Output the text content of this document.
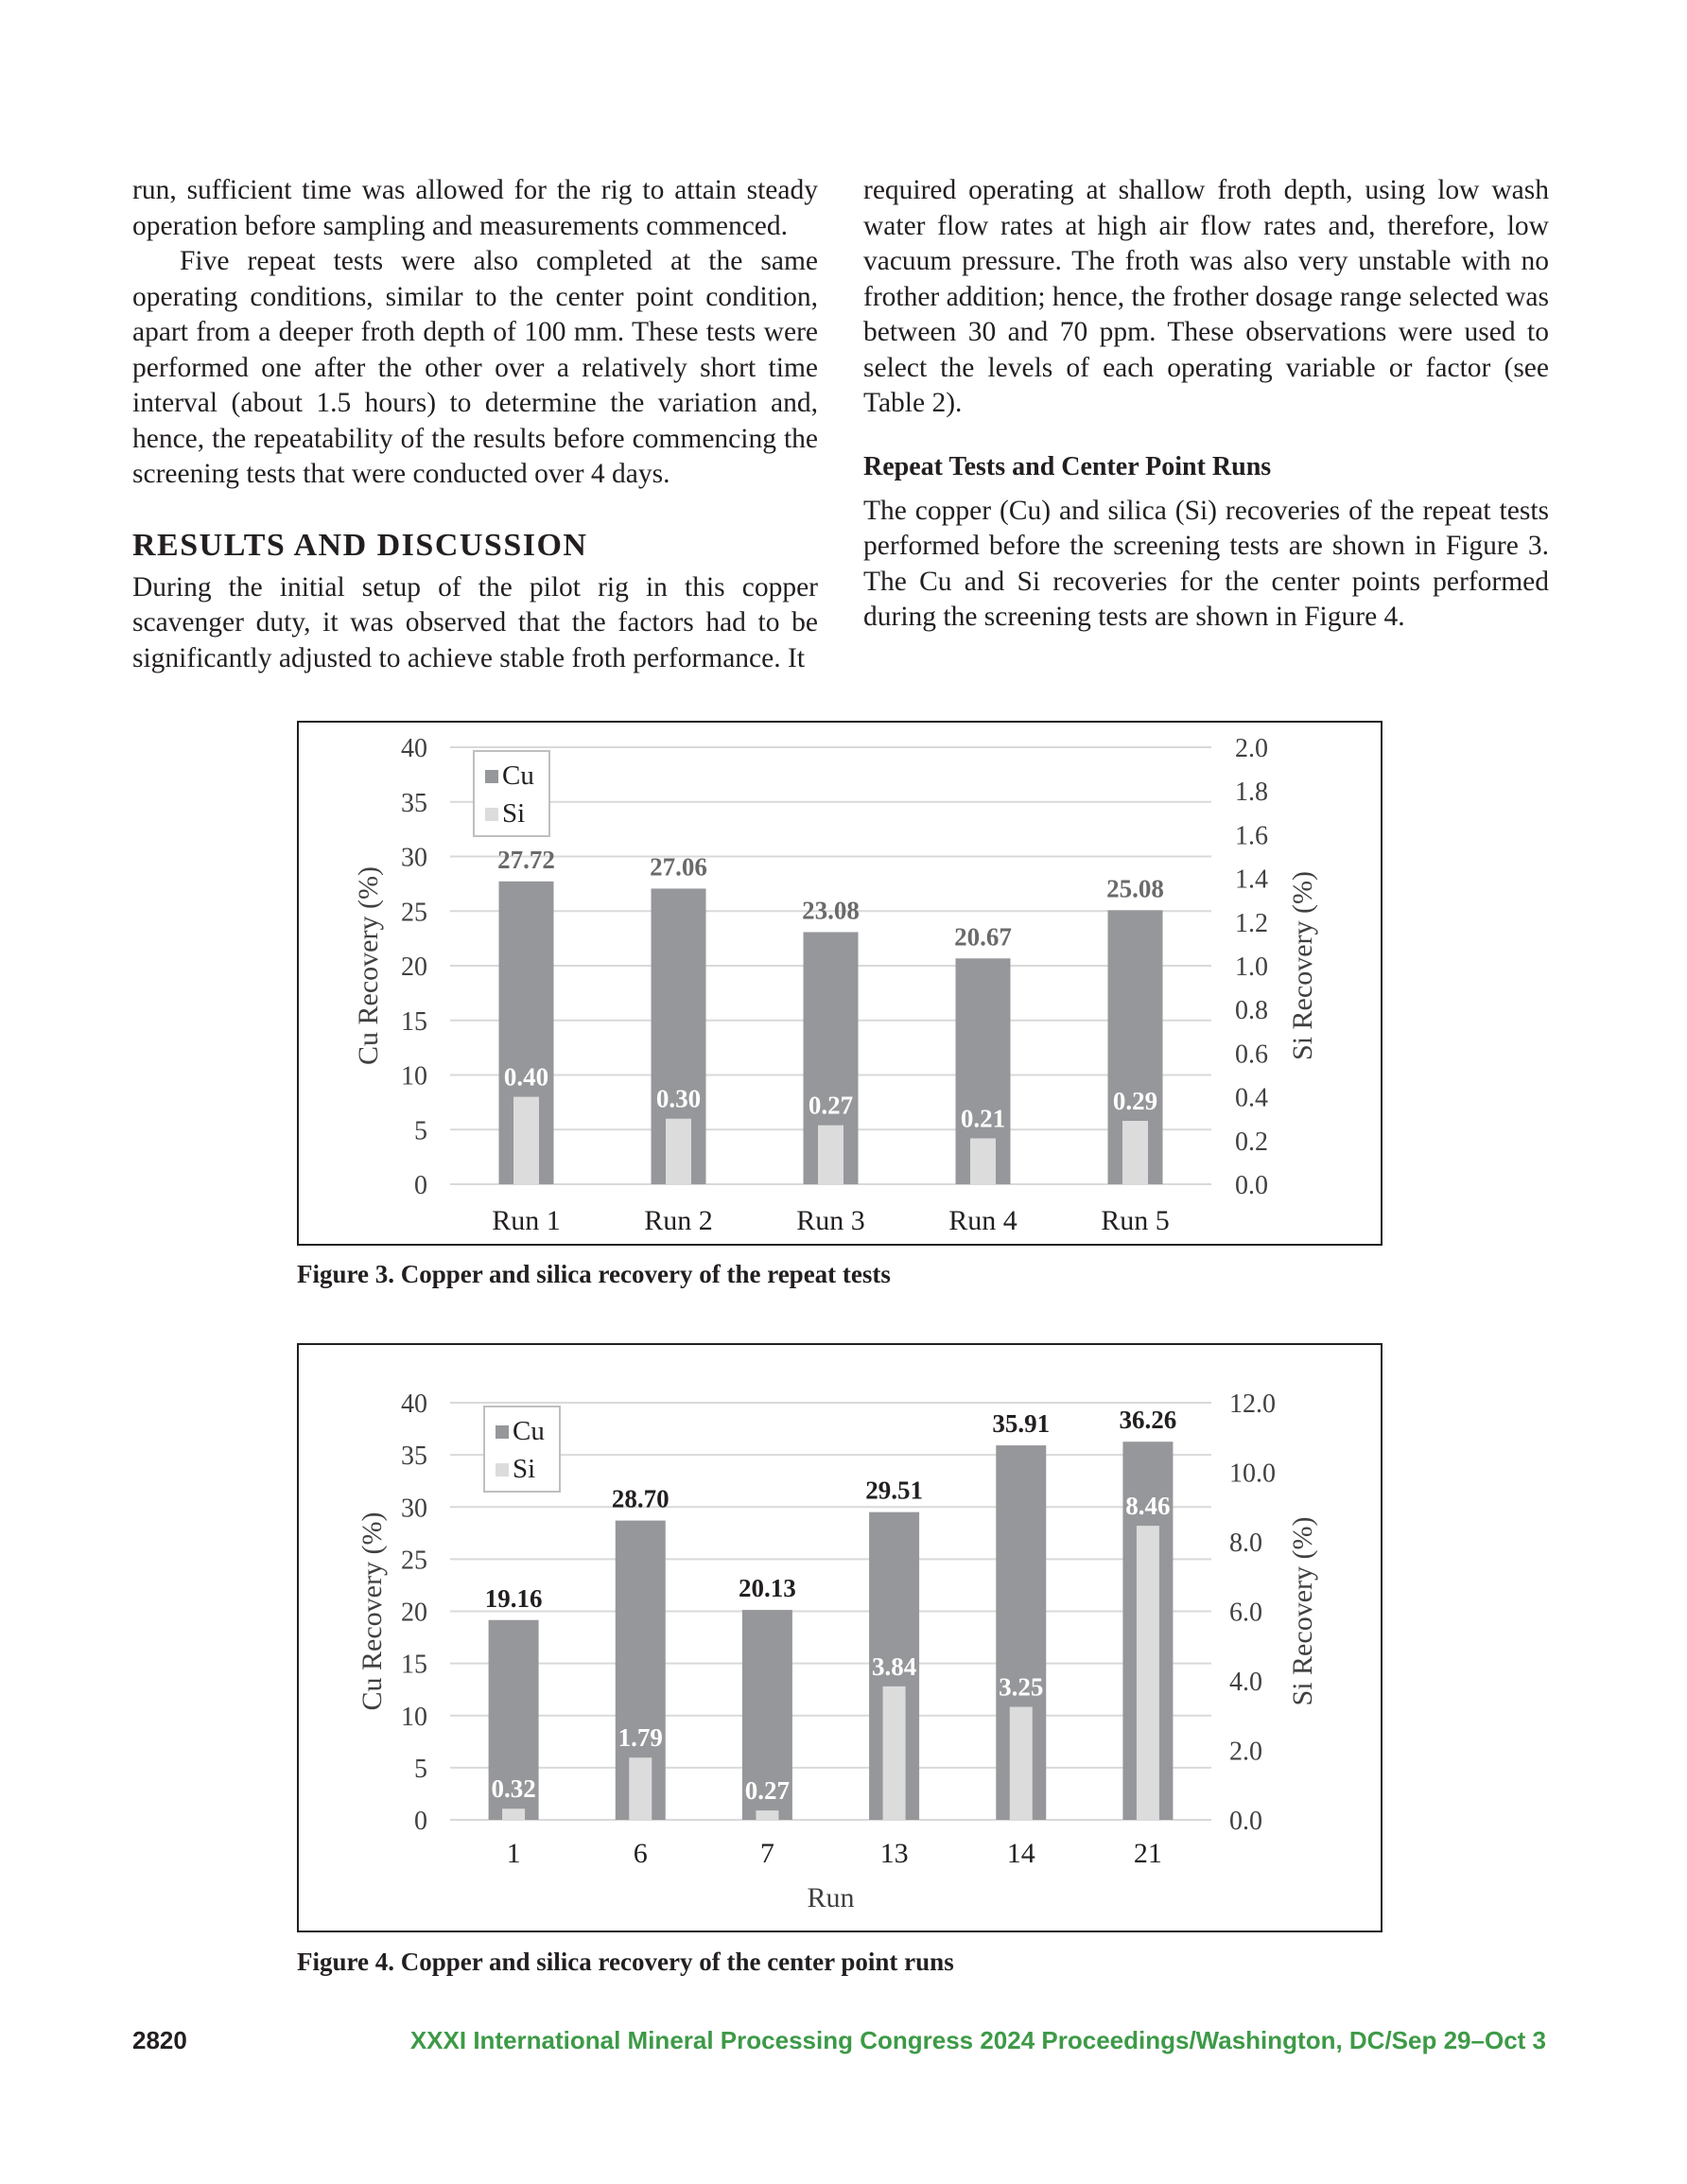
run, sufficient time was allowed for the rig to attain steady operation before sampling and measurements commenced.

Five repeat tests were also completed at the same operating conditions, similar to the center point condition, apart from a deeper froth depth of 100 mm. These tests were performed one after the other over a relatively short time interval (about 1.5 hours) to determine the variation and, hence, the repeatability of the results before commencing the screening tests that were conducted over 4 days.

RESULTS AND DISCUSSION

During the initial setup of the pilot rig in this copper scavenger duty, it was observed that the factors had to be significantly adjusted to achieve stable froth performance. It

required operating at shallow froth depth, using low wash water flow rates at high air flow rates and, therefore, low vacuum pressure. The froth was also very unstable with no frother addition; hence, the frother dosage range selected was between 30 and 70 ppm. These observations were used to select the levels of each operating variable or factor (see Table 2).

Repeat Tests and Center Point Runs

The copper (Cu) and silica (Si) recoveries of the repeat tests performed before the screening tests are shown in Figure 3. The Cu and Si recoveries for the center points performed during the screening tests are shown in Figure 4.

0
5
10
15
20
25
30
35
40
0.0
0.2
0.4
0.6
0.8
1.0
1.2
1.4
1.6
1.8
2.0
Cu Recovery (%)	Si Recovery (%)
27.72
0.40
Run 1
27.06
0.30
Run 2
23.08
0.27
Run 3
20.67
0.21
Run 4
25.08
0.29
Run 5
Cu
Si
Figure 3. Copper and silica recovery of the repeat tests
0
5
10
15
20
25
30
35
40
0.0
2.0
4.0
6.0
8.0
10.0
12.0
Cu Recovery (%)	Si Recovery (%)
Run
19.16
0.32
1
28.70
1.79
6
20.13
0.27
7
29.51
3.84
13
35.91
3.25
14
36.26
8.46
21
Cu
Si
Figure 4. Copper and silica recovery of the center point runs
2820	XXXI International Mineral Processing Congress 2024 Proceedings/Washington, DC/Sep 29–Oct 3
